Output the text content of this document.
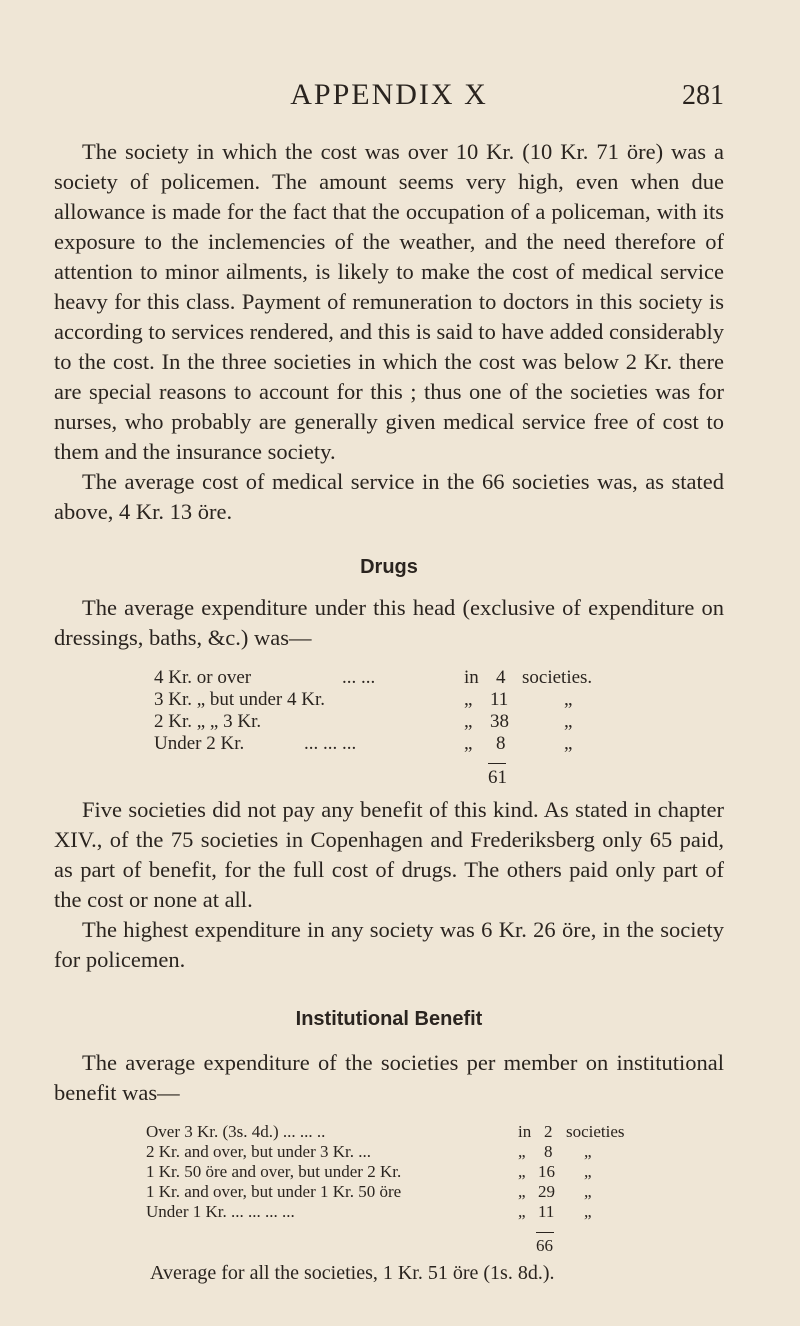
APPENDIX X	281

The society in which the cost was over 10 Kr. (10 Kr. 71 öre) was a society of policemen. The amount seems very high, even when due allowance is made for the fact that the occupation of a policeman, with its exposure to the inclemencies of the weather, and the need therefore of attention to minor ailments, is likely to make the cost of medical service heavy for this class. Payment of remuneration to doctors in this society is according to services rendered, and this is said to have added considerably to the cost. In the three societies in which the cost was below 2 Kr. there are special reasons to account for this ; thus one of the societies was for nurses, who probably are generally given medical service free of cost to them and the insurance society.

The average cost of medical service in the 66 societies was, as stated above, 4 Kr. 13 öre.

Drugs

The average expenditure under this head (exclusive of expenditure on dressings, baths, &c.) was—

4 Kr. or over	... ...	in 4 societies.
3 Kr. „ but under 4 Kr.	„ 11	„
2 Kr. „ „ 3 Kr.	„ 38	„
Under 2 Kr.	... ... ...	„ 8	„
61

Five societies did not pay any benefit of this kind. As stated in chapter XIV., of the 75 societies in Copenhagen and Frederiksberg only 65 paid, as part of benefit, for the full cost of drugs. The others paid only part of the cost or none at all.

The highest expenditure in any society was 6 Kr. 26 öre, in the society for policemen.

Institutional Benefit

The average expenditure of the societies per member on institutional benefit was—

Over 3 Kr. (3s. 4d.) ... ... ..	in 2 societies
2 Kr. and over, but under 3 Kr. ...	„ 8 „
1 Kr. 50 öre and over, but under 2 Kr.	„ 16 „
1 Kr. and over, but under 1 Kr. 50 öre	„ 29 „
Under 1 Kr. ... ... ... ...	„ 11 „
66

Average for all the societies, 1 Kr. 51 öre (1s. 8d.).
